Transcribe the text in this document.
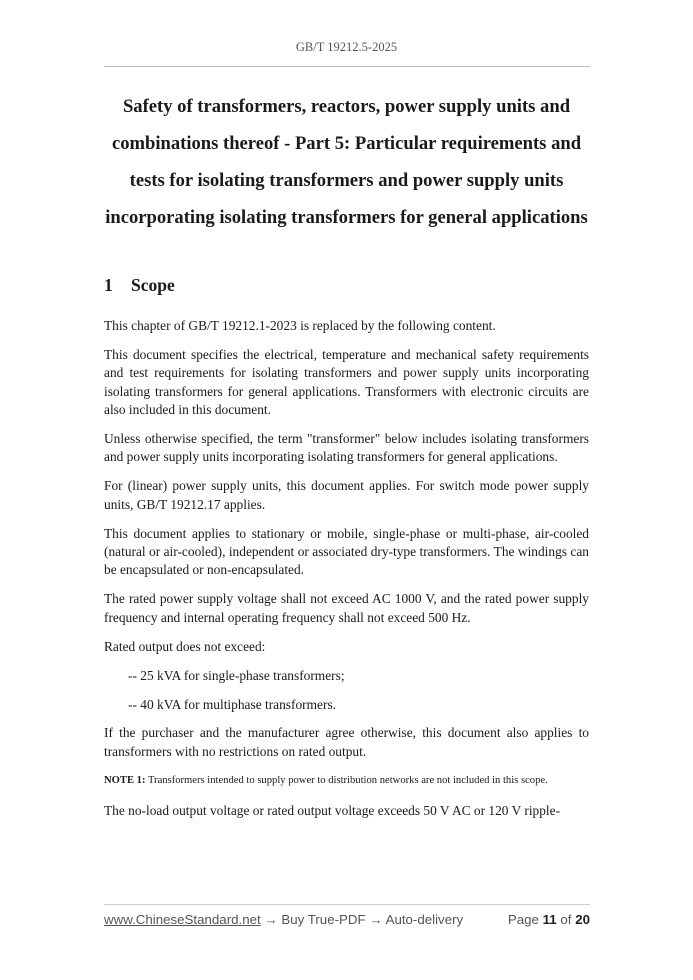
GB/T 19212.5-2025
Safety of transformers, reactors, power supply units and
combinations thereof - Part 5: Particular requirements and
tests for isolating transformers and power supply units
incorporating isolating transformers for general applications
1 Scope

This chapter of GB/T 19212.1-2023 is replaced by the following content.

This document specifies the electrical, temperature and mechanical safety requirements and test requirements for isolating transformers and power supply units incorporating isolating transformers for general applications. Transformers with electronic circuits are also included in this document.

Unless otherwise specified, the term "transformer" below includes isolating transformers and power supply units incorporating isolating transformers for general applications.

For (linear) power supply units, this document applies. For switch mode power supply units, GB/T 19212.17 applies.

This document applies to stationary or mobile, single-phase or multi-phase, air-cooled (natural or air-cooled), independent or associated dry-type transformers. The windings can be encapsulated or non-encapsulated.

The rated power supply voltage shall not exceed AC 1000 V, and the rated power supply frequency and internal operating frequency shall not exceed 500 Hz.

Rated output does not exceed:

-- 25 kVA for single-phase transformers;

-- 40 kVA for multiphase transformers.

If the purchaser and the manufacturer agree otherwise, this document also applies to transformers with no restrictions on rated output.

NOTE 1: Transformers intended to supply power to distribution networks are not included in this scope.

The no-load output voltage or rated output voltage exceeds 50 V AC or 120 V ripple-

www.ChineseStandard.net → Buy True-PDF → Auto-delivery	Page 11 of 20
